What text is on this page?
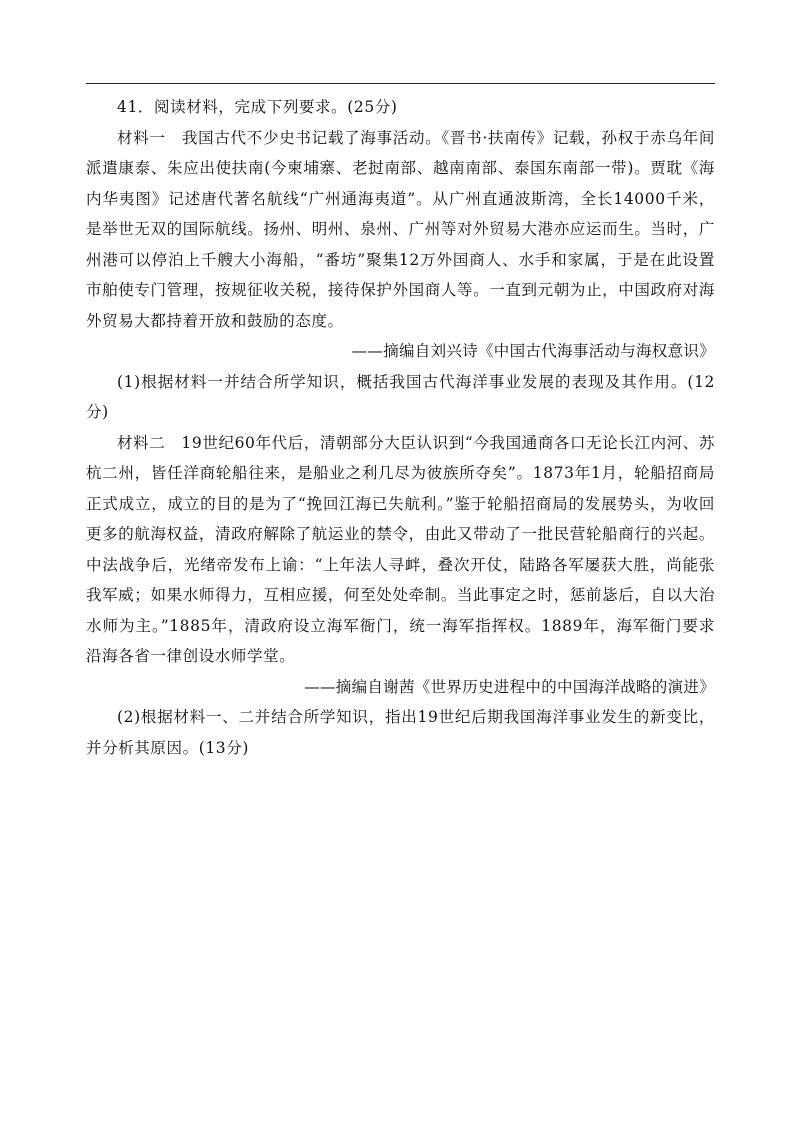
41．阅读材料，完成下列要求。(25分)

材料一　我国古代不少史书记载了海事活动。《晋书·扶南传》记载，孙权于赤乌年间派遣康泰、朱应出使扶南(今柬埔寨、老挝南部、越南南部、泰国东南部一带)。贾耽《海内华夷图》记述唐代著名航线“广州通海夷道”。从广州直通波斯湾，全长14000千米，是举世无双的国际航线。扬州、明州、泉州、广州等对外贸易大港亦应运而生。当时，广州港可以停泊上千艘大小海船，“番坊”聚集12万外国商人、水手和家属，于是在此设置市舶使专门管理，按规征收关税，接待保护外国商人等。一直到元朝为止，中国政府对海外贸易大都持着开放和鼓励的态度。

——摘编自刘兴诗《中国古代海事活动与海权意识》

(1)根据材料一并结合所学知识，概括我国古代海洋事业发展的表现及其作用。(12分)

材料二　19世纪60年代后，清朝部分大臣认识到“今我国通商各口无论长江内河、苏杭二州，皆任洋商轮船往来，是船业之利几尽为彼族所夺矣”。1873年1月，轮船招商局正式成立，成立的目的是为了“挽回江海已失航利。”鉴于轮船招商局的发展势头，为收回更多的航海权益，清政府解除了航运业的禁令，由此又带动了一批民营轮船商行的兴起。中法战争后，光绪帝发布上谕：“上年法人寻衅，叠次开仗，陆路各军屡获大胜，尚能张我军威；如果水师得力，互相应援，何至处处牵制。当此事定之时，惩前毖后，自以大治水师为主。”1885年，清政府设立海军衙门，统一海军指挥权。1889年，海军衙门要求沿海各省一律创设水师学堂。

——摘编自谢茜《世界历史进程中的中国海洋战略的演进》

(2)根据材料一、二并结合所学知识，指出19世纪后期我国海洋事业发生的新变比，并分析其原因。(13分)
